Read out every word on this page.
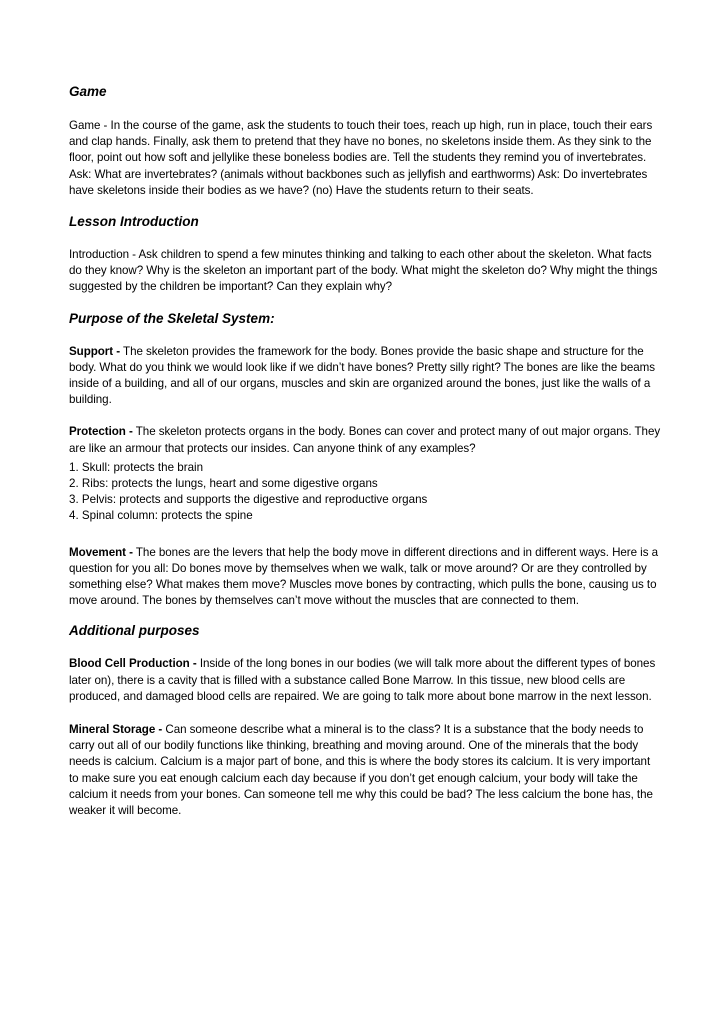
Game

Game - In the course of the game, ask the students to touch their toes, reach up high, run in place, touch their ears and clap hands. Finally, ask them to pretend that they have no bones, no skeletons inside them. As they sink to the floor, point out how soft and jellylike these boneless bodies are. Tell the students they remind you of invertebrates. Ask: What are invertebrates? (animals without backbones such as jellyfish and earthworms) Ask: Do invertebrates have skeletons inside their bodies as we have? (no) Have the students return to their seats.

Lesson Introduction

Introduction - Ask children to spend a few minutes thinking and talking to each other about the skeleton. What facts do they know? Why is the skeleton an important part of the body. What might the skeleton do? Why might the things suggested by the children be important? Can they explain why?

Purpose of the Skeletal System:

Support - The skeleton provides the framework for the body. Bones provide the basic shape and structure for the body. What do you think we would look like if we didn’t have bones? Pretty silly right? The bones are like the beams inside of a building, and all of our organs, muscles and skin are organized around the bones, just like the walls of a building.

Protection - The skeleton protects organs in the body. Bones can cover and protect many of out major organs. They are like an armour that protects our insides. Can anyone think of any examples?

1. Skull: protects the brain
2. Ribs: protects the lungs, heart and some digestive organs
3. Pelvis: protects and supports the digestive and reproductive organs
4. Spinal column: protects the spine

Movement - The bones are the levers that help the body move in different directions and in different ways. Here is a question for you all: Do bones move by themselves when we walk, talk or move around? Or are they controlled by something else? What makes them move? Muscles move bones by contracting, which pulls the bone, causing us to move around. The bones by themselves can’t move without the muscles that are connected to them.

Additional purposes

Blood Cell Production - Inside of the long bones in our bodies (we will talk more about the different types of bones later on), there is a cavity that is filled with a substance called Bone Marrow. In this tissue, new blood cells are produced, and damaged blood cells are repaired. We are going to talk more about bone marrow in the next lesson.

Mineral Storage - Can someone describe what a mineral is to the class? It is a substance that the body needs to carry out all of our bodily functions like thinking, breathing and moving around. One of the minerals that the body needs is calcium. Calcium is a major part of bone, and this is where the body stores its calcium. It is very important to make sure you eat enough calcium each day because if you don’t get enough calcium, your body will take the calcium it needs from your bones. Can someone tell me why this could be bad? The less calcium the bone has, the weaker it will become.
